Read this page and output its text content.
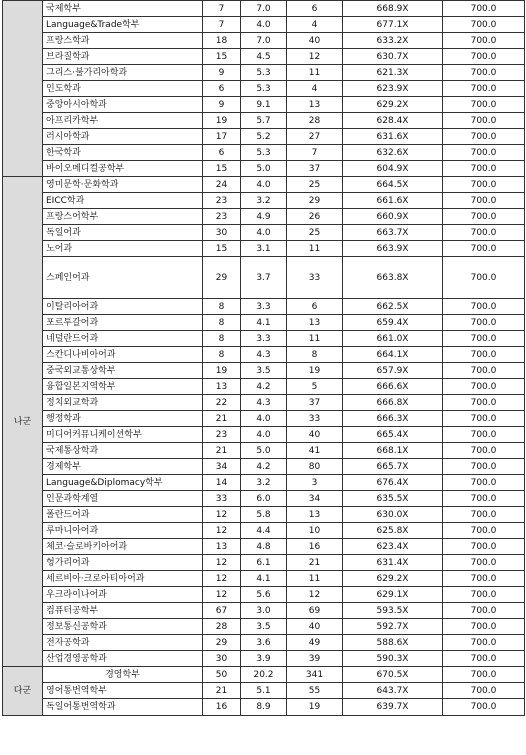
	국제학부	7	7.0	6	668.9X	700.0
	Language&Trade학부	7	4.0	4	677.1X	700.0
	프랑스학과	18	7.0	40	633.2X	700.0
	브라질학과	15	4.5	12	630.7X	700.0
	그리스·불가리아학과	9	5.3	11	621.3X	700.0
	인도학과	6	5.3	4	623.9X	700.0
	중앙아시아학과	9	9.1	13	629.2X	700.0
	아프리카학부	19	5.7	28	628.4X	700.0
	러시아학과	17	5.2	27	631.6X	700.0
	한국학과	6	5.3	7	632.6X	700.0
	바이오메디컬공학부	15	5.0	37	604.9X	700.0
나군	영미문학·문화학과	24	4.0	25	664.5X	700.0
	EICC학과	23	3.2	29	661.6X	700.0
	프랑스어학부	23	4.9	26	660.9X	700.0
	독일어과	30	4.0	25	663.7X	700.0
	노어과	15	3.1	11	663.9X	700.0
	스페인어과	29	3.7	33	663.8X	700.0
	이탈리아어과	8	3.3	6	662.5X	700.0
	포르투갈어과	8	4.1	13	659.4X	700.0
	네덜란드어과	8	3.3	11	661.0X	700.0
	스칸디나비아어과	8	4.3	8	664.1X	700.0
	중국외교통상학부	19	3.5	19	657.9X	700.0
	융합일본지역학부	13	4.2	5	666.6X	700.0
	정치외교학과	22	4.3	37	666.8X	700.0
	행정학과	21	4.0	33	666.3X	700.0
	미디어커뮤니케이션학부	23	4.0	40	665.4X	700.0
	국제통상학과	21	5.0	41	668.1X	700.0
	경제학부	34	4.2	80	665.7X	700.0
	Language&Diplomacy학부	14	3.2	3	676.4X	700.0
	인문과학계열	33	6.0	34	635.5X	700.0
	폴란드어과	12	5.8	13	630.0X	700.0
	루마니아어과	12	4.4	10	625.8X	700.0
	체코·슬로바키아어과	13	4.8	16	623.4X	700.0
	헝가리어과	12	6.1	21	631.4X	700.0
	세르비아·크로아티아어과	12	4.1	11	629.2X	700.0
	우크라이나어과	12	5.6	12	629.1X	700.0
	컴퓨터공학부	67	3.0	69	593.5X	700.0
	정보통신공학과	28	3.5	40	592.7X	700.0
	전자공학과	29	3.6	49	588.6X	700.0
	산업경영공학과	30	3.9	39	590.3X	700.0
다군	경영학부	50	20.2	341	670.5X	700.0
	영어통번역학부	21	5.1	55	643.7X	700.0
	독일어통번역학과	16	8.9	19	639.7X	700.0
